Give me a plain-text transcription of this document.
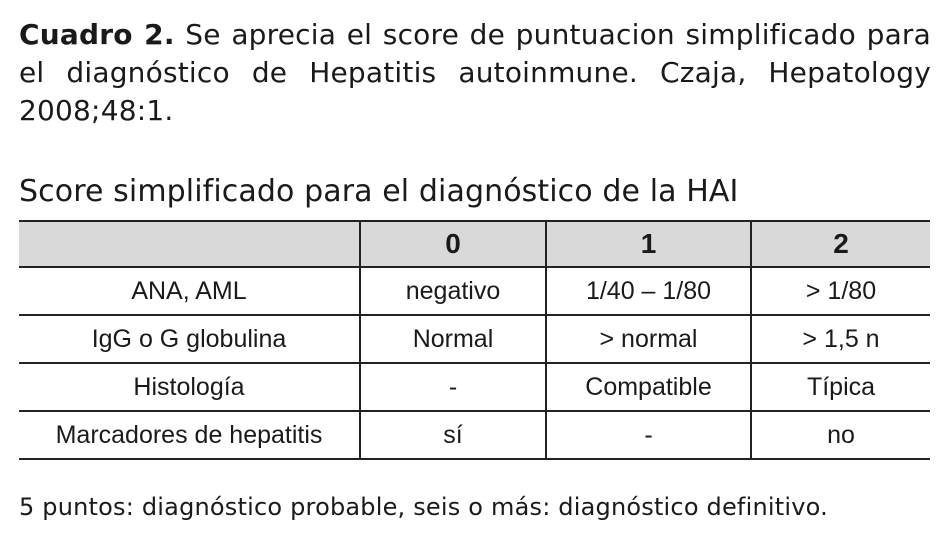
Cuadro 2. Se aprecia el score de puntuacion simplificado para el diagnóstico de Hepatitis autoinmune. Czaja, Hepatology 2008;48:1.
Score simplificado para el diagnóstico de la HAI
	0	1	2
ANA, AML	negativo	1/40 – 1/80	> 1/80
IgG o G globulina	Normal	> normal	> 1,5 n
Histología	-	Compatible	Típica
Marcadores de hepatitis	sí	-	no
5 puntos: diagnóstico probable, seis o más: diagnóstico definitivo.
